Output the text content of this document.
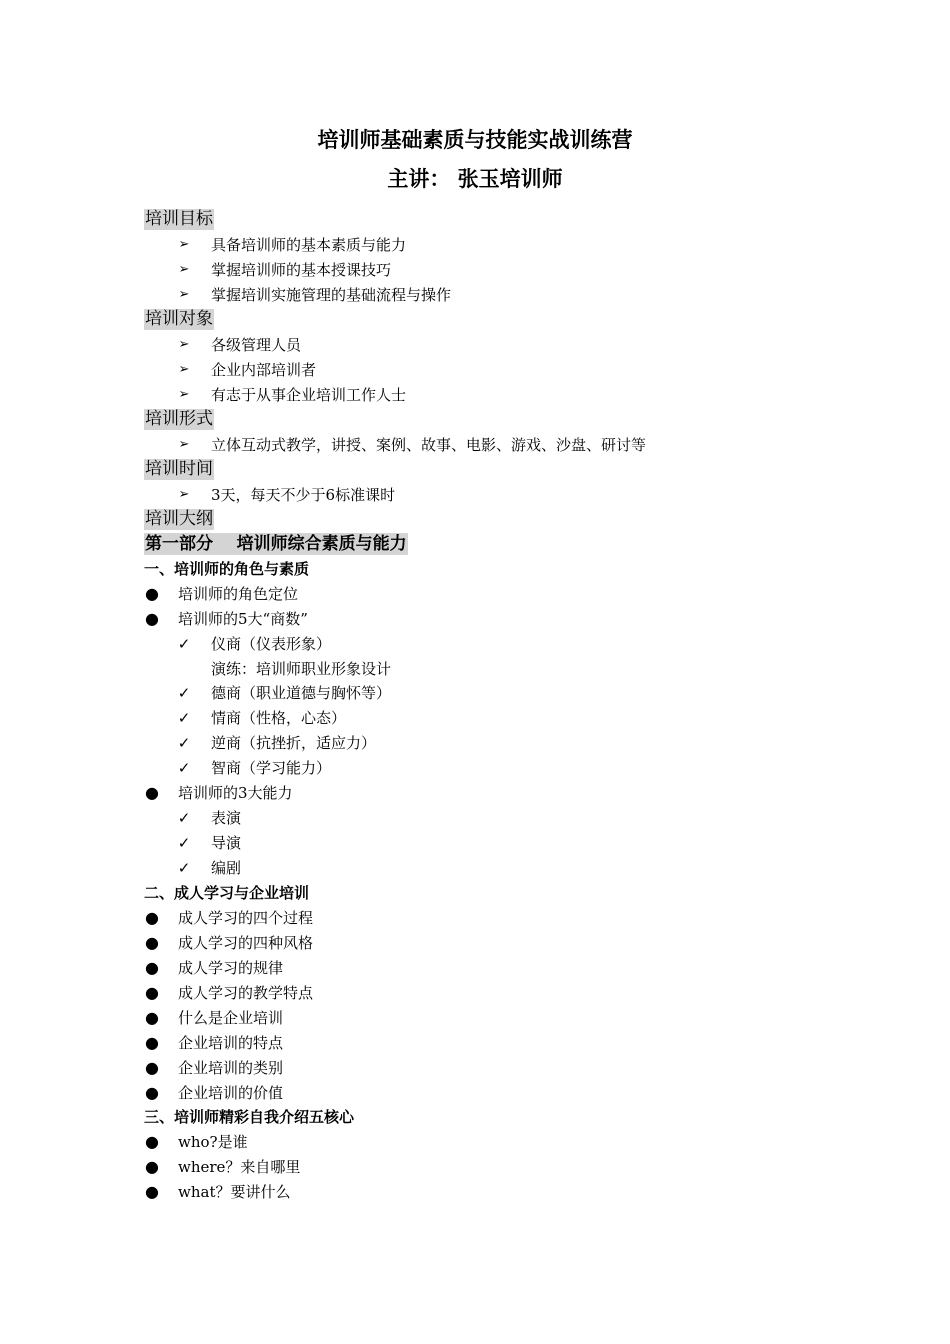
培训师基础素质与技能实战训练营
主讲： 张玉培训师
培训目标
➢ 具备培训师的基本素质与能力
➢ 掌握培训师的基本授课技巧
➢ 掌握培训实施管理的基础流程与操作
培训对象
➢ 各级管理人员
➢ 企业内部培训者
➢ 有志于从事企业培训工作人士
培训形式
➢ 立体互动式教学，讲授、案例、故事、电影、游戏、沙盘、研讨等
培训时间
➢ 3天，每天不少于6标准课时
培训大纲
第一部分    培训师综合素质与能力
一、培训师的角色与素质
● 培训师的角色定位
● 培训师的5大“商数”
✓ 仪商（仪表形象）
演练：培训师职业形象设计
✓ 德商（职业道德与胸怀等）
✓ 情商（性格，心态）
✓ 逆商（抗挫折，适应力）
✓ 智商（学习能力）
● 培训师的3大能力
✓ 表演
✓ 导演
✓ 编剧
二、成人学习与企业培训
● 成人学习的四个过程
● 成人学习的四种风格
● 成人学习的规律
● 成人学习的教学特点
● 什么是企业培训
● 企业培训的特点
● 企业培训的类别
● 企业培训的价值
三、培训师精彩自我介绍五核心
● who?是谁
● where？来自哪里
● what？要讲什么
